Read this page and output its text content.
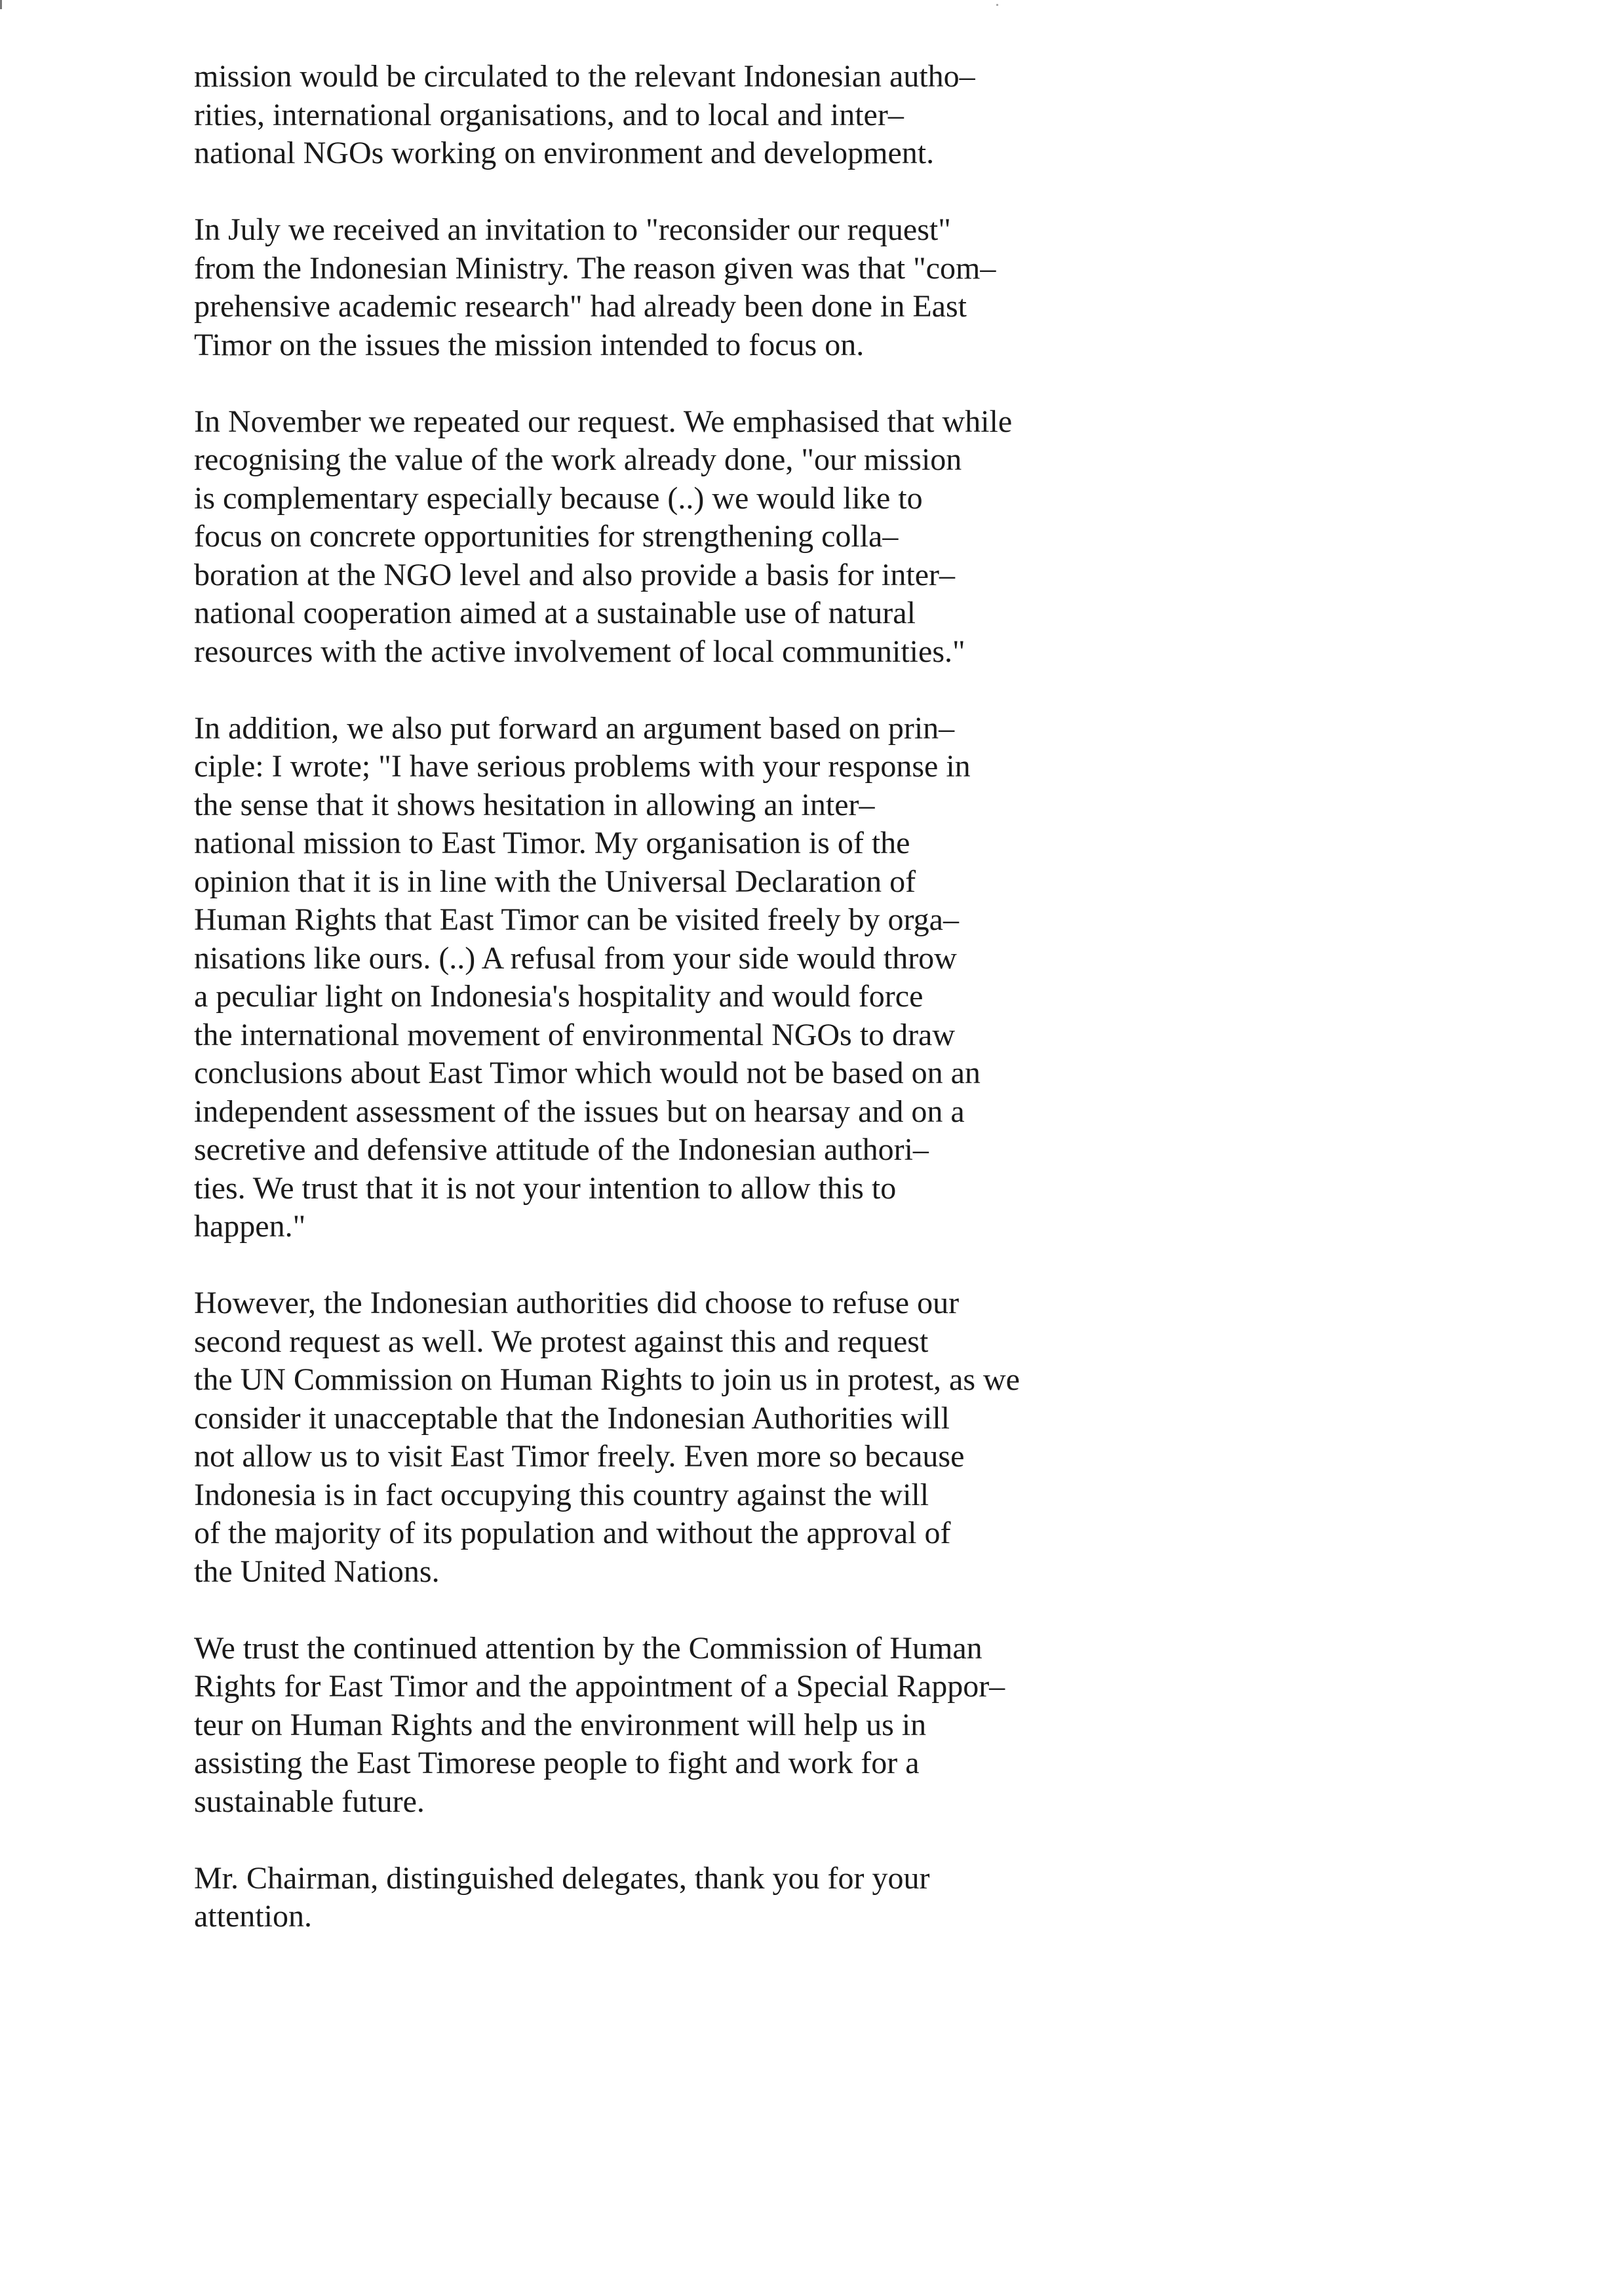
mission would be circulated to the relevant Indonesian autho–
rities, international organisations, and to local and inter–
national NGOs working on environment and development.

In July we received an invitation to "reconsider our request"
from the Indonesian Ministry. The reason given was that "com–
prehensive academic research" had already been done in East
Timor on the issues the mission intended to focus on.

In November we repeated our request. We emphasised that while
recognising the value of the work already done, "our mission
is complementary especially because (..) we would like to
focus on concrete opportunities for strengthening colla–
boration at the NGO level and also provide a basis for inter–
national cooperation aimed at a sustainable use of natural
resources with the active involvement of local communities."

In addition, we also put forward an argument based on prin–
ciple: I wrote; "I have serious problems with your response in
the sense that it shows hesitation in allowing an inter–
national mission to East Timor. My organisation is of the
opinion that it is in line with the Universal Declaration of
Human Rights that East Timor can be visited freely by orga–
nisations like ours. (..) A refusal from your side would throw
a peculiar light on Indonesia's hospitality and would force
the international movement of environmental NGOs to draw
conclusions about East Timor which would not be based on an
independent assessment of the issues but on hearsay and on a
secretive and defensive attitude of the Indonesian authori–
ties. We trust that it is not your intention to allow this to
happen."

However, the Indonesian authorities did choose to refuse our
second request as well. We protest against this and request
the UN Commission on Human Rights to join us in protest, as we
consider it unacceptable that the Indonesian Authorities will
not allow us to visit East Timor freely. Even more so because
Indonesia is in fact occupying this country against the will
of the majority of its population and without the approval of
the United Nations.

We trust the continued attention by the Commission of Human
Rights for East Timor and the appointment of a Special Rappor–
teur on Human Rights and the environment will help us in
assisting the East Timorese people to fight and work for a
sustainable future.

Mr. Chairman, distinguished delegates, thank you for your
attention.
